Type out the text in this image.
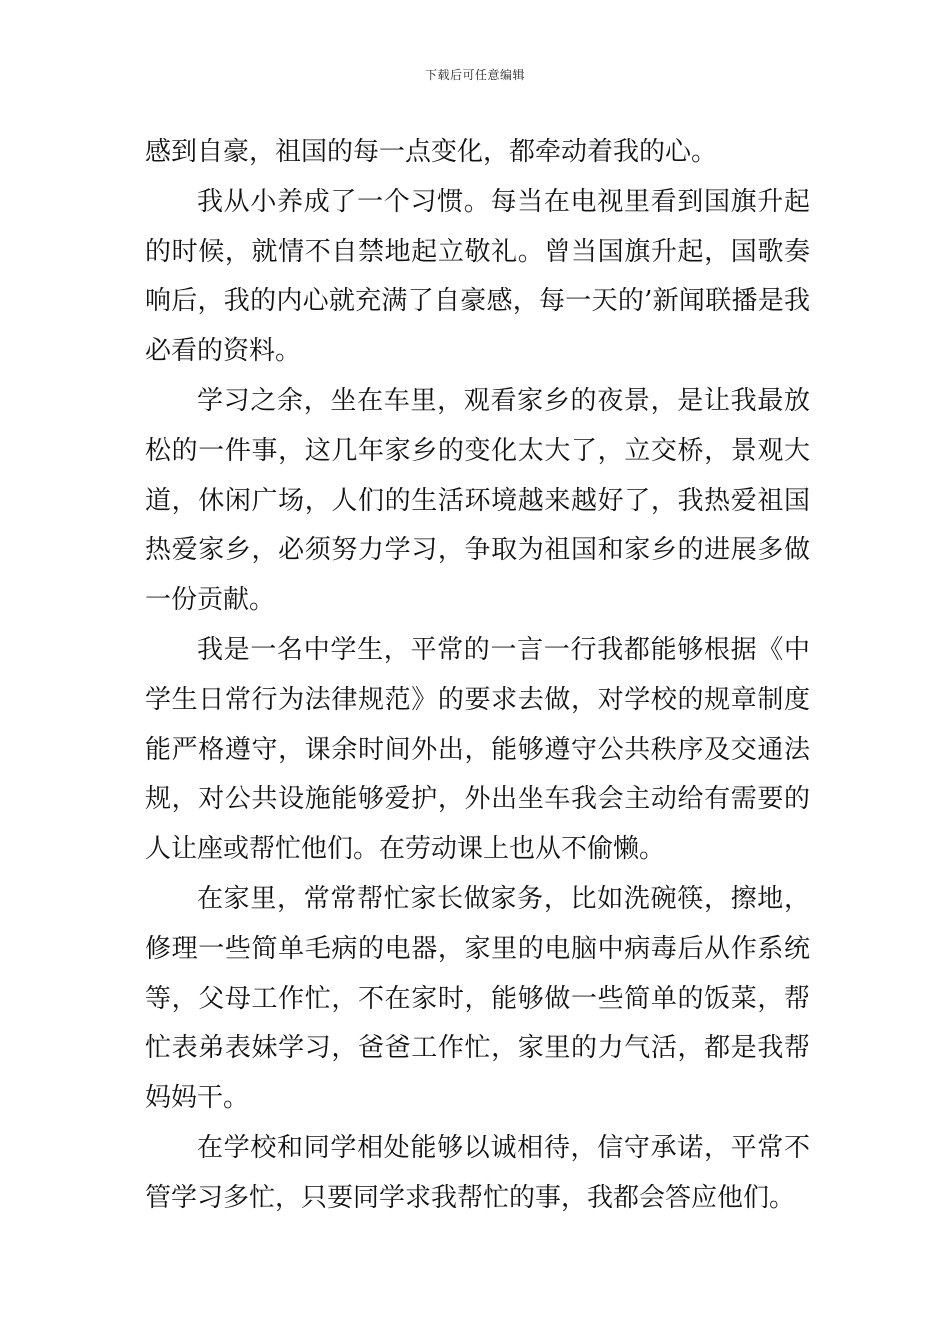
下载后可任意编辑

感到自豪，祖国的每一点变化，都牵动着我的心。

我从小养成了一个习惯。每当在电视里看到国旗升起的时候，就情不自禁地起立敬礼。曾当国旗升起，国歌奏响后，我的内心就充满了自豪感，每一天的’新闻联播是我必看的资料。

学习之余，坐在车里，观看家乡的夜景，是让我最放松的一件事，这几年家乡的变化太大了，立交桥，景观大道，休闲广场，人们的生活环境越来越好了，我热爱祖国热爱家乡，必须努力学习，争取为祖国和家乡的进展多做一份贡献。

我是一名中学生，平常的一言一行我都能够根据《中学生日常行为法律规范》的要求去做，对学校的规章制度能严格遵守，课余时间外出，能够遵守公共秩序及交通法规，对公共设施能够爱护，外出坐车我会主动给有需要的人让座或帮忙他们。在劳动课上也从不偷懒。

在家里，常常帮忙家长做家务，比如洗碗筷，擦地，修理一些简单毛病的电器，家里的电脑中病毒后从作系统等，父母工作忙，不在家时，能够做一些简单的饭菜，帮忙表弟表妹学习，爸爸工作忙，家里的力气活，都是我帮妈妈干。

在学校和同学相处能够以诚相待，信守承诺，平常不管学习多忙，只要同学求我帮忙的事，我都会答应他们。
